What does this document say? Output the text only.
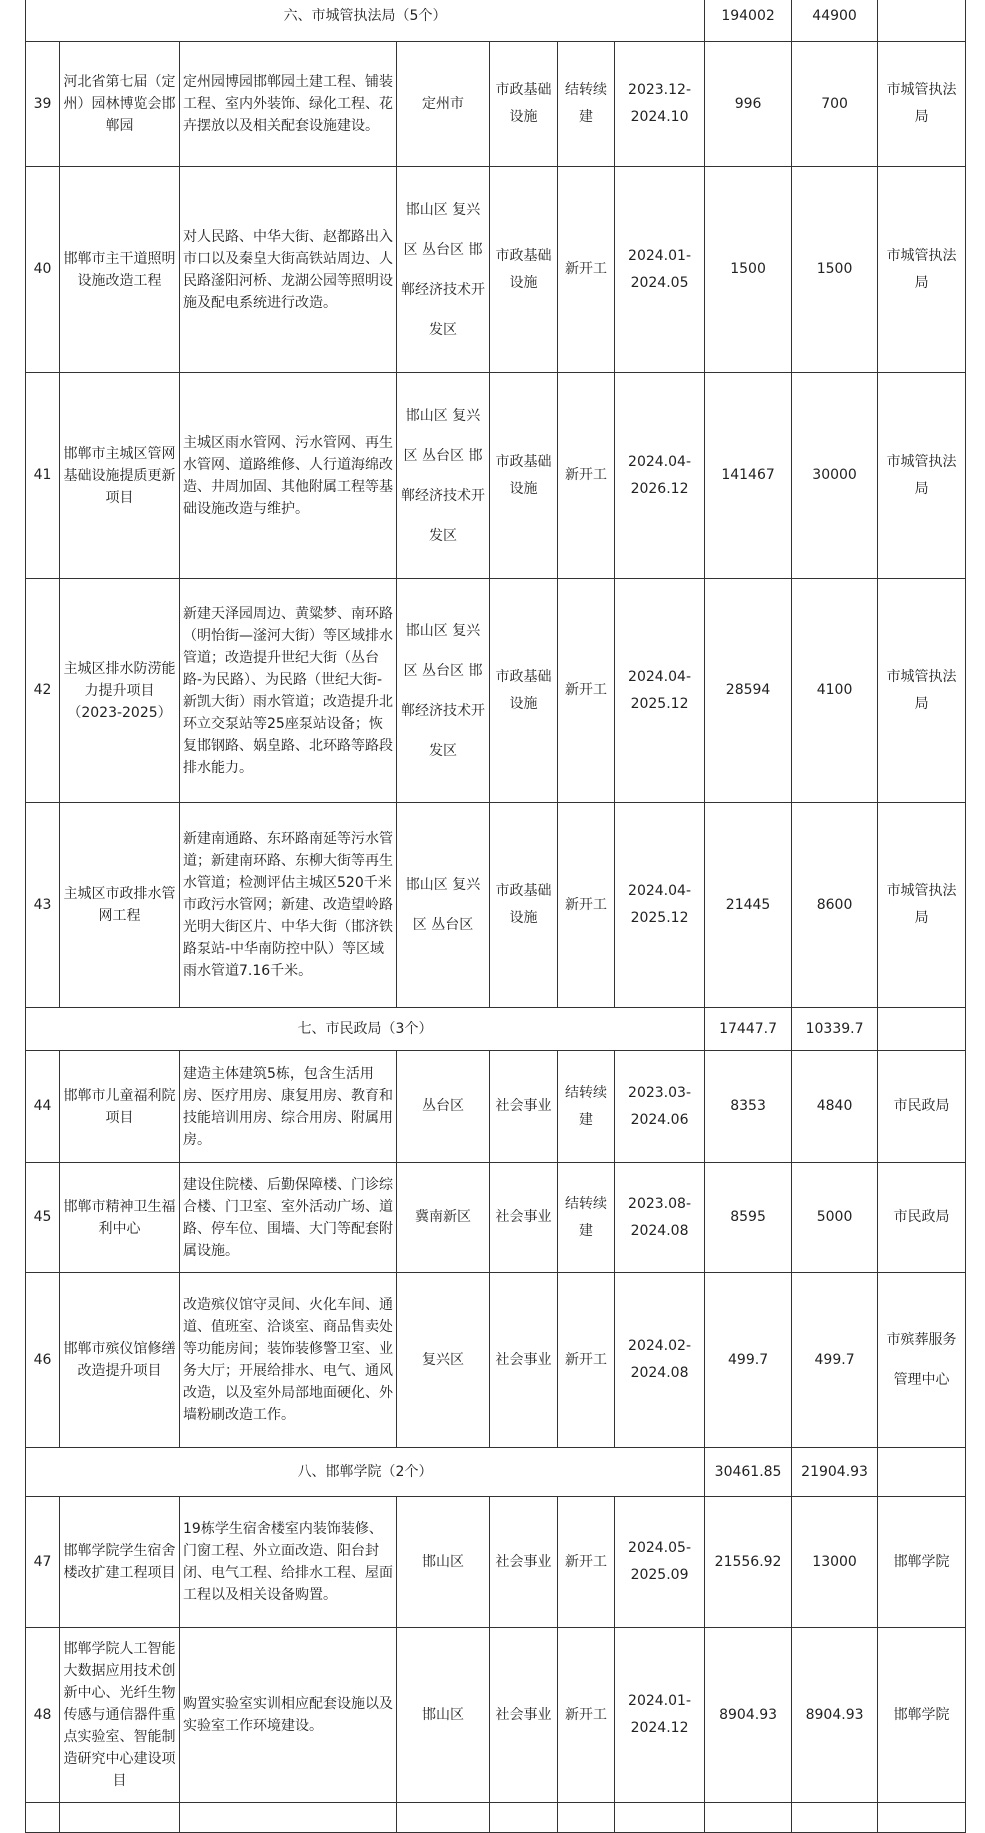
六、市城管执法局（5个）							194002	44900	
39	河北省第七届（定州）园林博览会邯郸园	定州园博园邯郸园土建工程、铺装工程、室内外装饰、绿化工程、花卉摆放以及相关配套设施建设。	定州市	市政基础设施	结转续建	2023.12-2024.10	996	700	市城管执法局
40	邯郸市主干道照明设施改造工程	对人民路、中华大街、赵都路出入市口以及秦皇大街高铁站周边、人民路滏阳河桥、龙湖公园等照明设施及配电系统进行改造。	邯山区 复兴区 丛台区 邯郸经济技术开发区	市政基础设施	新开工	2024.01-2024.05	1500	1500	市城管执法局
41	邯郸市主城区管网基础设施提质更新项目	主城区雨水管网、污水管网、再生水管网、道路维修、人行道海绵改造、井周加固、其他附属工程等基础设施改造与维护。	邯山区 复兴区 丛台区 邯郸经济技术开发区	市政基础设施	新开工	2024.04-2026.12	141467	30000	市城管执法局
42	主城区排水防涝能力提升项目（2023-2025）	新建天泽园周边、黄粱梦、南环路（明怡街—滏河大街）等区域排水管道；改造提升世纪大街（丛台路-为民路）、为民路（世纪大街-新凯大街）雨水管道；改造提升北环立交泵站等25座泵站设备；恢复邯钢路、娲皇路、北环路等路段排水能力。	邯山区 复兴区 丛台区 邯郸经济技术开发区	市政基础设施	新开工	2024.04-2025.12	28594	4100	市城管执法局
43	主城区市政排水管网工程	新建南通路、东环路南延等污水管道；新建南环路、东柳大街等再生水管道；检测评估主城区520千米市政污水管网；新建、改造望岭路光明大街区片、中华大街（邯济铁路泵站-中华南防控中队）等区域雨水管道7.16千米。	邯山区 复兴区 丛台区	市政基础设施	新开工	2024.04-2025.12	21445	8600	市城管执法局
七、市民政局（3个）							17447.7	10339.7	
44	邯郸市儿童福利院项目	建造主体建筑5栋，包含生活用房、医疗用房、康复用房、教育和技能培训用房、综合用房、附属用房。	丛台区	社会事业	结转续建	2023.03-2024.06	8353	4840	市民政局
45	邯郸市精神卫生福利中心	建设住院楼、后勤保障楼、门诊综合楼、门卫室、室外活动广场、道路、停车位、围墙、大门等配套附属设施。	冀南新区	社会事业	结转续建	2023.08-2024.08	8595	5000	市民政局
46	邯郸市殡仪馆修缮改造提升项目	改造殡仪馆守灵间、火化车间、通道、值班室、洽谈室、商品售卖处等功能房间；装饰装修警卫室、业务大厅；开展给排水、电气、通风改造，以及室外局部地面硬化、外墙粉刷改造工作。	复兴区	社会事业	新开工	2024.02-2024.08	499.7	499.7	市殡葬服务管理中心
八、邯郸学院（2个）							30461.85	21904.93	
47	邯郸学院学生宿舍楼改扩建工程项目	19栋学生宿舍楼室内装饰装修、门窗工程、外立面改造、阳台封闭、电气工程、给排水工程、屋面工程以及相关设备购置。	邯山区	社会事业	新开工	2024.05-2025.09	21556.92	13000	邯郸学院
48	邯郸学院人工智能大数据应用技术创新中心、光纤生物传感与通信器件重点实验室、智能制造研究中心建设项目	购置实验室实训相应配套设施以及实验室工作环境建设。	邯山区	社会事业	新开工	2024.01-2024.12	8904.93	8904.93	邯郸学院
